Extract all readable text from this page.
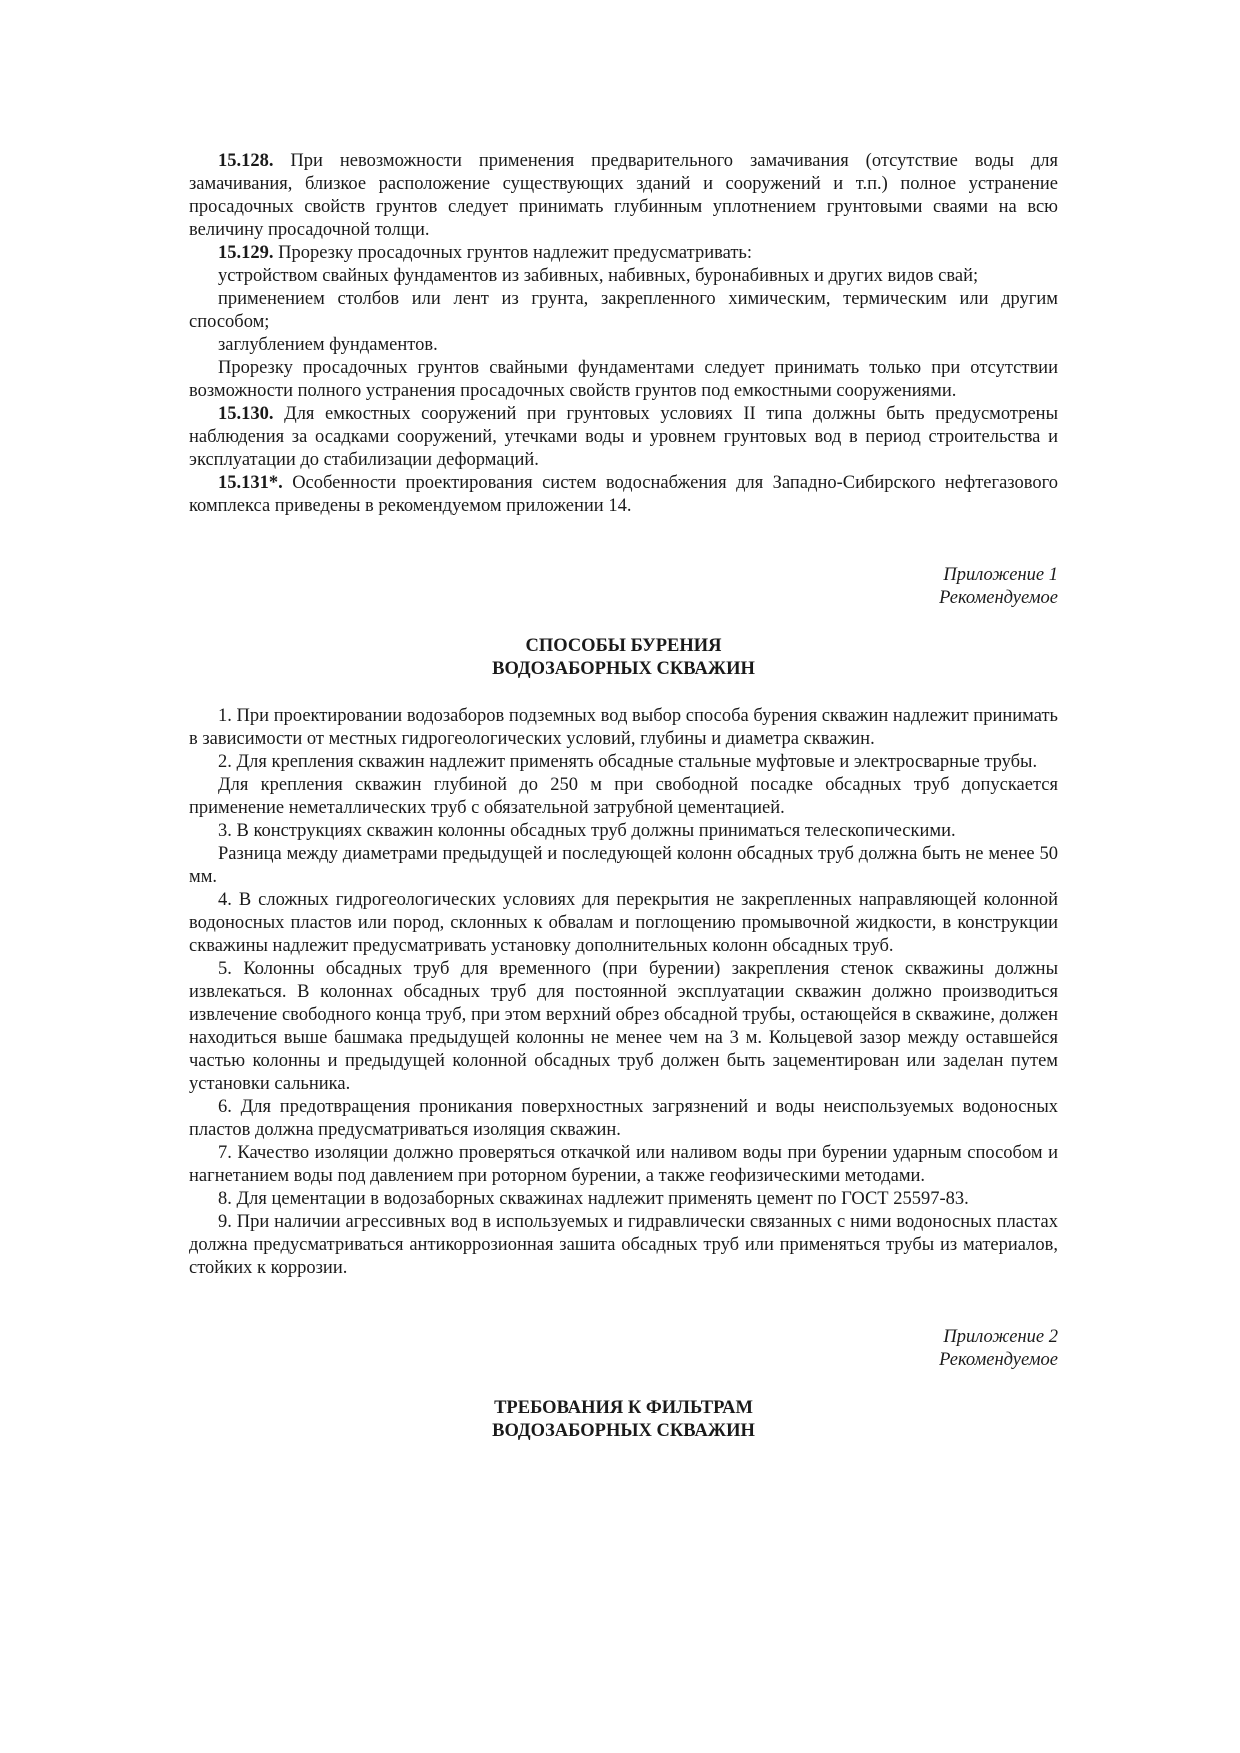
15.128. При невозможности применения предварительного замачивания (отсутствие воды для замачивания, близкое расположение существующих зданий и сооружений и т.п.) полное устранение просадочных свойств грунтов следует принимать глубинным уплотнением грунтовыми сваями на всю величину просадочной толщи.

15.129. Прорезку просадочных грунтов надлежит предусматривать:

устройством свайных фундаментов из забивных, набивных, буронабивных и других видов свай;

применением столбов или лент из грунта, закрепленного химическим, термическим или другим способом;

заглублением фундаментов.

Прорезку просадочных грунтов свайными фундаментами следует принимать только при отсутствии возможности полного устранения просадочных свойств грунтов под емкостными сооружениями.

15.130. Для емкостных сооружений при грунтовых условиях II типа должны быть предусмотрены наблюдения за осадками сооружений, утечками воды и уровнем грунтовых вод в период строительства и эксплуатации до стабилизации деформаций.

15.131*. Особенности проектирования систем водоснабжения для Западно-Сибирского нефтегазового комплекса приведены в рекомендуемом приложении 14.

Приложение 1
Рекомендуемое
СПОСОБЫ БУРЕНИЯ
ВОДОЗАБОРНЫХ СКВАЖИН

1. При проектировании водозаборов подземных вод выбор способа бурения скважин надлежит принимать в зависимости от местных гидрогеологических условий, глубины и диаметра скважин.

2. Для крепления скважин надлежит применять обсадные стальные муфтовые и электросварные трубы.

Для крепления скважин глубиной до 250 м при свободной посадке обсадных труб допускается применение неметаллических труб с обязательной затрубной цементацией.

3. В конструкциях скважин колонны обсадных труб должны приниматься телескопическими.

Разница между диаметрами предыдущей и последующей колонн обсадных труб должна быть не менее 50 мм.

4. В сложных гидрогеологических условиях для перекрытия не закрепленных направляющей колонной водоносных пластов или пород, склонных к обвалам и поглощению промывочной жидкости, в конструкции скважины надлежит предусматривать установку дополнительных колонн обсадных труб.

5. Колонны обсадных труб для временного (при бурении) закрепления стенок скважины должны извлекаться. В колоннах обсадных труб для постоянной эксплуатации скважин должно производиться извлечение свободного конца труб, при этом верхний обрез обсадной трубы, остающейся в скважине, должен находиться выше башмака предыдущей колонны не менее чем на 3 м. Кольцевой зазор между оставшейся частью колонны и предыдущей колонной обсадных труб должен быть зацементирован или заделан путем установки сальника.

6. Для предотвращения проникания поверхностных загрязнений и воды неиспользуемых водоносных пластов должна предусматриваться изоляция скважин.

7. Качество изоляции должно проверяться откачкой или наливом воды при бурении ударным способом и нагнетанием воды под давлением при роторном бурении, а также геофизическими методами.

8. Для цементации в водозаборных скважинах надлежит применять цемент по ГОСТ 25597-83.

9. При наличии агрессивных вод в используемых и гидравлически связанных с ними водоносных пластах должна предусматриваться антикоррозионная зашита обсадных труб или применяться трубы из материалов, стойких к коррозии.

Приложение 2
Рекомендуемое
ТРЕБОВАНИЯ К ФИЛЬТРАМ
ВОДОЗАБОРНЫХ СКВАЖИН
